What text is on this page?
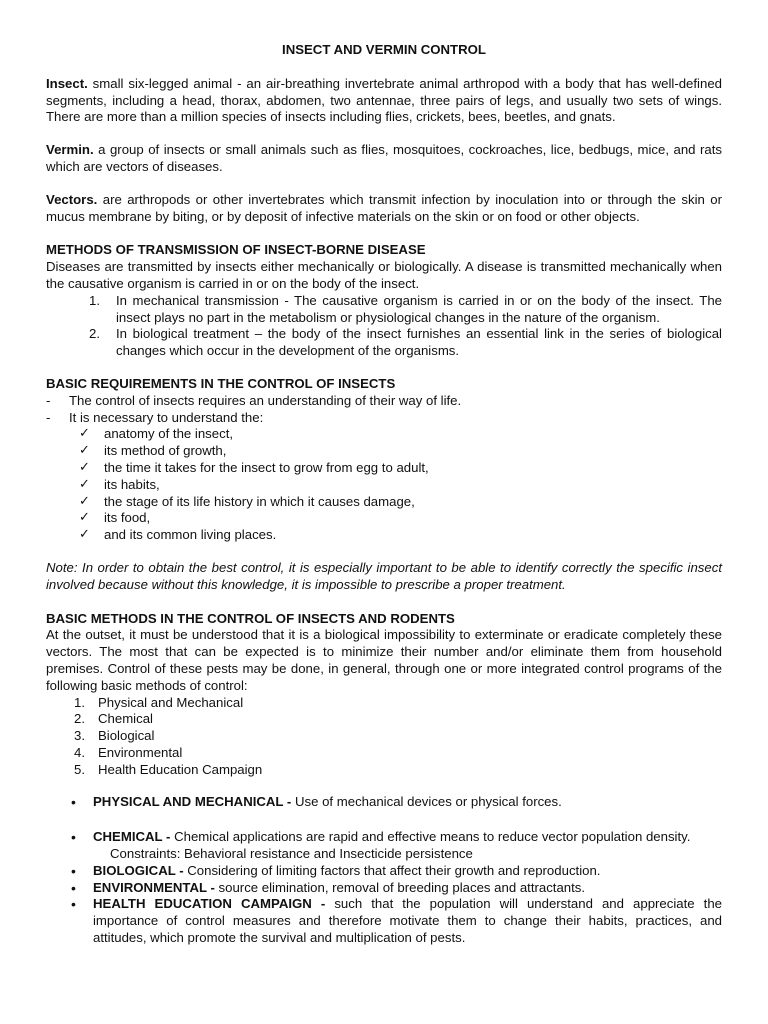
INSECT AND VERMIN CONTROL

Insect. small six-legged animal - an air-breathing invertebrate animal arthropod with a body that has well-defined segments, including a head, thorax, abdomen, two antennae, three pairs of legs, and usually two sets of wings. There are more than a million species of insects including flies, crickets, bees, beetles, and gnats.

Vermin. a group of insects or small animals such as flies, mosquitoes, cockroaches, lice, bedbugs, mice, and rats which are vectors of diseases.

Vectors. are arthropods or other invertebrates which transmit infection by inoculation into or through the skin or mucus membrane by biting, or by deposit of infective materials on the skin or on food or other objects.

METHODS OF TRANSMISSION OF INSECT-BORNE DISEASE

Diseases are transmitted by insects either mechanically or biologically. A disease is transmitted mechanically when the causative organism is carried in or on the body of the insect.

1. In mechanical transmission - The causative organism is carried in or on the body of the insect. The insect plays no part in the metabolism or physiological changes in the nature of the organism.
2. In biological treatment – the body of the insect furnishes an essential link in the series of biological changes which occur in the development of the organisms.
BASIC REQUIREMENTS IN THE CONTROL OF INSECTS
- The control of insects requires an understanding of their way of life.
- It is necessary to understand the:
✓ anatomy of the insect,
✓ its method of growth,
✓ the time it takes for the insect to grow from egg to adult,
✓ its habits,
✓ the stage of its life history in which it causes damage,
✓ its food,
✓ and its common living places.

Note: In order to obtain the best control, it is especially important to be able to identify correctly the specific insect involved because without this knowledge, it is impossible to prescribe a proper treatment.

BASIC METHODS IN THE CONTROL OF INSECTS AND RODENTS

At the outset, it must be understood that it is a biological impossibility to exterminate or eradicate completely these vectors. The most that can be expected is to minimize their number and/or eliminate them from household premises. Control of these pests may be done, in general, through one or more integrated control programs of the following basic methods of control:

1. Physical and Mechanical
2. Chemical
3. Biological
4. Environmental
5. Health Education Campaign
• PHYSICAL AND MECHANICAL - Use of mechanical devices or physical forces.
• CHEMICAL - Chemical applications are rapid and effective means to reduce vector population density.
Constraints: Behavioral resistance and Insecticide persistence
• BIOLOGICAL - Considering of limiting factors that affect their growth and reproduction.
• ENVIRONMENTAL - source elimination, removal of breeding places and attractants.
• HEALTH EDUCATION CAMPAIGN - such that the population will understand and appreciate the importance of control measures and therefore motivate them to change their habits, practices, and attitudes, which promote the survival and multiplication of pests.
